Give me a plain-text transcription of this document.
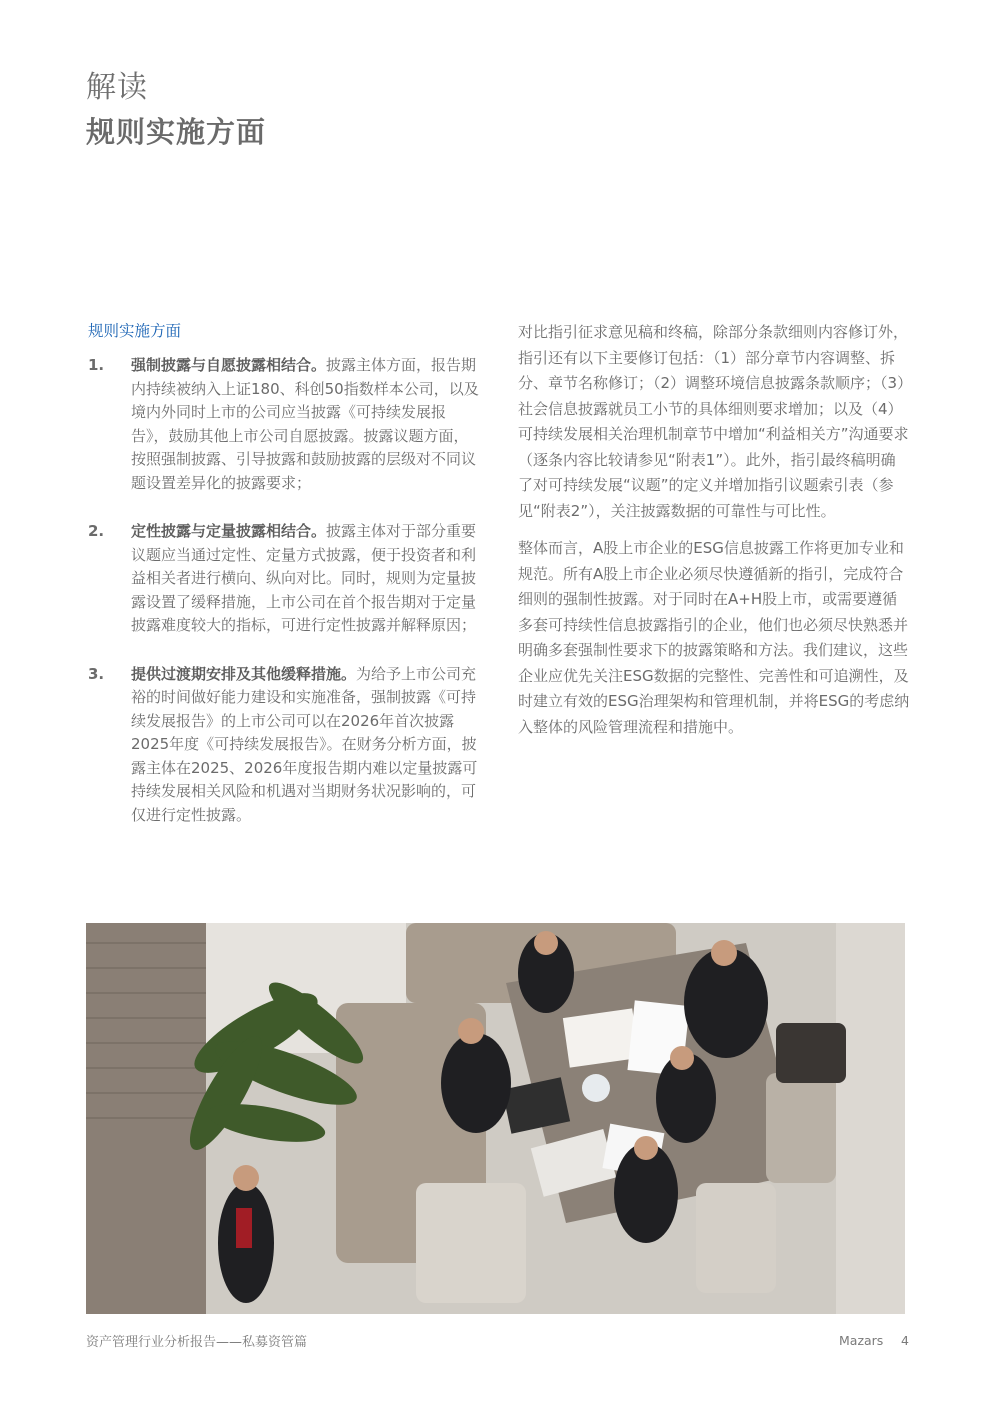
解读
规则实施方面
规则实施方面
1. 强制披露与自愿披露相结合。披露主体方面，报告期内持续被纳入上证180、科创50指数样本公司，以及境内外同时上市的公司应当披露《可持续发展报告》，鼓励其他上市公司自愿披露。披露议题方面，按照强制披露、引导披露和鼓励披露的层级对不同议题设置差异化的披露要求；
2. 定性披露与定量披露相结合。披露主体对于部分重要议题应当通过定性、定量方式披露，便于投资者和利益相关者进行横向、纵向对比。同时，规则为定量披露设置了缓释措施，上市公司在首个报告期对于定量披露难度较大的指标，可进行定性披露并解释原因；
3. 提供过渡期安排及其他缓释措施。为给予上市公司充裕的时间做好能力建设和实施准备，强制披露《可持续发展报告》的上市公司可以在2026年首次披露2025年度《可持续发展报告》。在财务分析方面，披露主体在2025、2026年度报告期内难以定量披露可持续发展相关风险和机遇对当期财务状况影响的，可仅进行定性披露。

对比指引征求意见稿和终稿，除部分条款细则内容修订外，指引还有以下主要修订包括：（1）部分章节内容调整、拆分、章节名称修订；（2）调整环境信息披露条款顺序；（3）社会信息披露就员工小节的具体细则要求增加；以及（4）可持续发展相关治理机制章节中增加“利益相关方”沟通要求（逐条内容比较请参见“附表1”）。此外，指引最终稿明确了对可持续发展“议题”的定义并增加指引议题索引表（参见“附表2”），关注披露数据的可靠性与可比性。

整体而言，A股上市企业的ESG信息披露工作将更加专业和规范。所有A股上市企业必须尽快遵循新的指引，完成符合细则的强制性披露。对于同时在A+H股上市，或需要遵循多套可持续性信息披露指引的企业，他们也必须尽快熟悉并明确多套强制性要求下的披露策略和方法。我们建议，这些企业应优先关注ESG数据的完整性、完善性和可追溯性，及时建立有效的ESG治理架构和管理机制，并将ESG的考虑纳入整体的风险管理流程和措施中。

资产管理行业分析报告——私募资管篇	Mazars 4
